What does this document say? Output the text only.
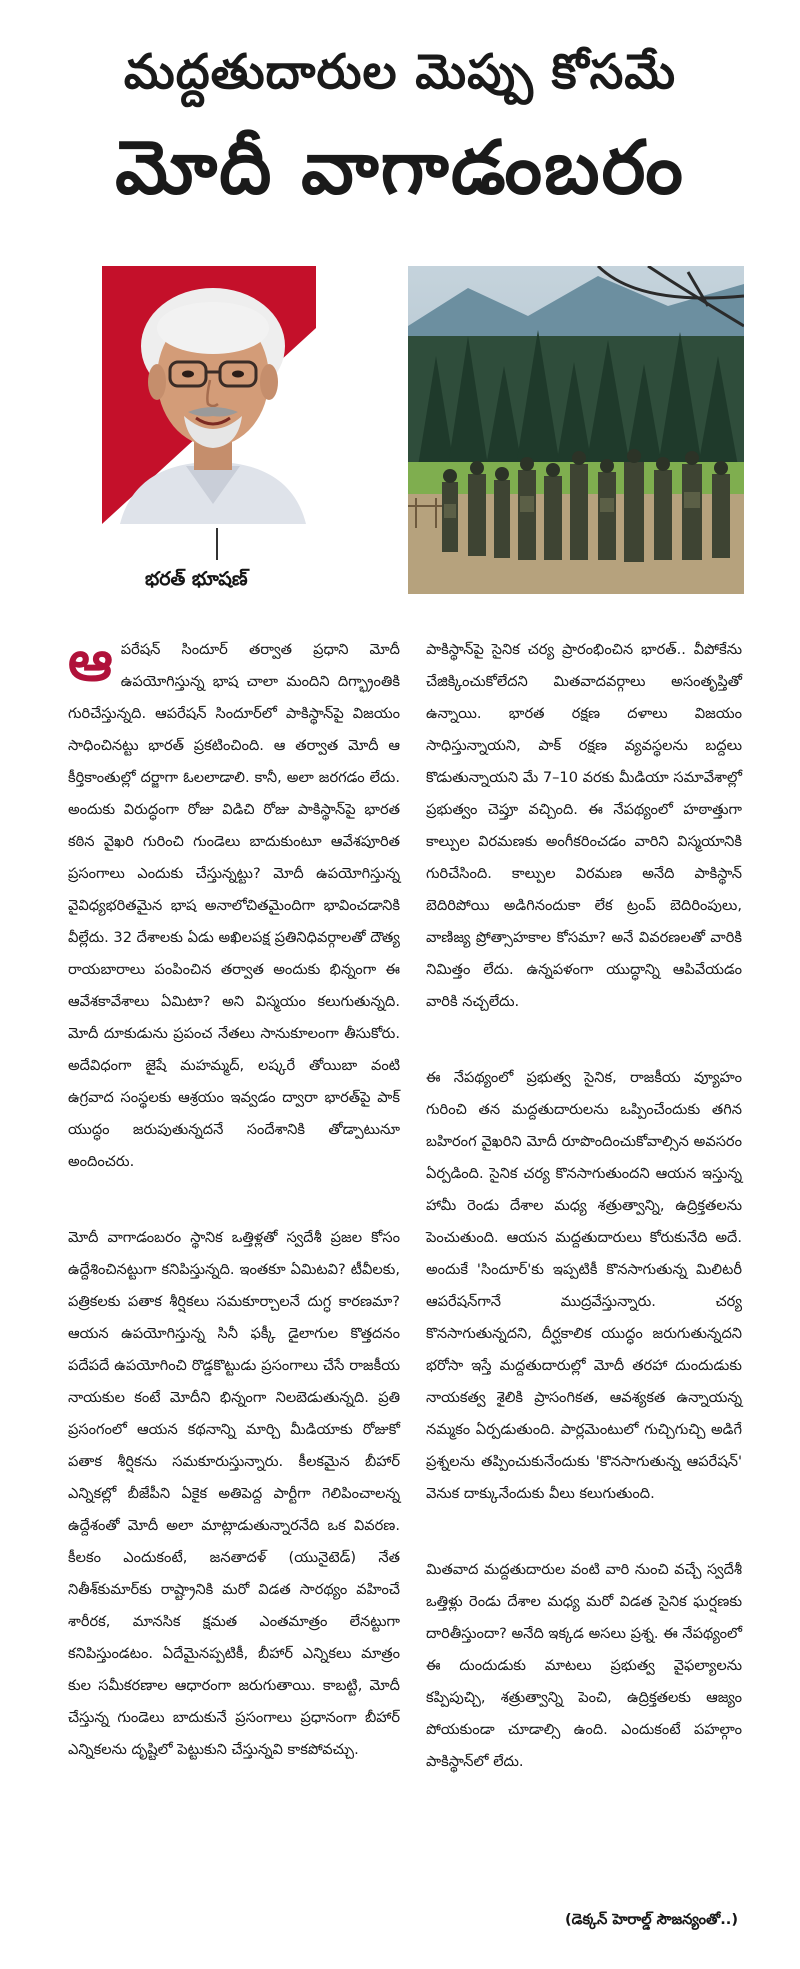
మద్దతుదారుల మెప్పు కోసమే
మోదీ వాగాడంబరం
భరత్ భూషణ్

ఆపరేషన్ సిందూర్ తర్వాత ప్రధాని మోదీ ఉపయోగిస్తున్న భాష చాలా మందిని దిగ్భ్రాంతికి గురిచేస్తున్నది. ఆపరేషన్ సిందూర్‌లో పాకిస్థాన్‌పై విజయం సాధించినట్టు భారత్ ప్రకటించింది. ఆ తర్వాత మోదీ ఆ కీర్తికాంతుల్లో దర్జాగా ఓలలాడాలి. కానీ, అలా జరగడం లేదు. అందుకు విరుద్ధంగా రోజు విడిచి రోజు పాకిస్థాన్‌పై భారత కఠిన వైఖరి గురించి గుండెలు బాదుకుంటూ ఆవేశపూరిత ప్రసంగాలు ఎందుకు చేస్తున్నట్టు? మోదీ ఉపయోగిస్తున్న వైవిధ్యభరితమైన భాష అనాలోచితమైందిగా భావించడానికి వీల్లేదు. 32 దేశాలకు ఏడు అఖిలపక్ష ప్రతినిధివర్గాలతో దౌత్య రాయబారాలు పంపించిన తర్వాత అందుకు భిన్నంగా ఈ ఆవేశకావేశాలు ఏమిటా? అని విస్మయం కలుగుతున్నది. మోదీ దూకుడును ప్రపంచ నేతలు సానుకూలంగా తీసుకోరు. అదేవిధంగా జైషే మహమ్మద్, లష్కరే తోయిబా వంటి ఉగ్రవాద సంస్థలకు ఆశ్రయం ఇవ్వడం ద్వారా భారత్‌పై పాక్ యుద్ధం జరుపుతున్నదనే సందేశానికి తోడ్పాటునూ అందించరు.

మోదీ వాగాడంబరం స్థానిక ఒత్తిళ్లతో స్వదేశీ ప్రజల కోసం ఉద్దేశించినట్టుగా కనిపిస్తున్నది. ఇంతకూ ఏమిటవి? టీవీలకు, పత్రికలకు పతాక శీర్షికలు సమకూర్చాలనే దుగ్ధ కారణమా? ఆయన ఉపయోగిస్తున్న సినీ ఫక్కీ డైలాగుల కొత్తదనం పదేపదే ఉపయోగించి రొడ్డకొట్టుడు ప్రసంగాలు చేసే రాజకీయ నాయకుల కంటే మోదీని భిన్నంగా నిలబెడుతున్నది. ప్రతి ప్రసంగంలో ఆయన కథనాన్ని మార్చి మీడియాకు రోజుకో పతాక శీర్షికను సమకూరుస్తున్నారు. కీలకమైన బీహార్ ఎన్నికల్లో బీజేపీని ఏకైక అతిపెద్ద పార్టీగా గెలిపించాలన్న ఉద్దేశంతో మోదీ అలా మాట్లాడుతున్నారనేది ఒక వివరణ. కీలకం ఎందుకంటే, జనతాదళ్ (యునైటెడ్) నేత నితీశ్‌కుమార్‌కు రాష్ట్రానికి మరో విడత సారథ్యం వహించే శారీరక, మానసిక క్షమత ఎంతమాత్రం లేనట్టుగా కనిపిస్తుండటం. ఏదేమైనప్పటికీ, బీహార్ ఎన్నికలు మాత్రం కుల సమీకరణాల ఆధారంగా జరుగుతాయి. కాబట్టి, మోదీ చేస్తున్న గుండెలు బాదుకునే ప్రసంగాలు ప్రధానంగా బీహార్ ఎన్నికలను దృష్టిలో పెట్టుకుని చేస్తున్నవి కాకపోవచ్చు.

పాకిస్థాన్‌పై సైనిక చర్య ప్రారంభించిన భారత్.. వీపోకేను చేజిక్కించుకోలేదని మితవాదవర్గాలు అసంతృప్తితో ఉన్నాయి. భారత రక్షణ దళాలు విజయం సాధిస్తున్నాయని, పాక్ రక్షణ వ్యవస్థలను బద్దలు కొడుతున్నాయని మే 7–10 వరకు మీడియా సమావేశాల్లో ప్రభుత్వం చెప్తూ వచ్చింది. ఈ నేపథ్యంలో హఠాత్తుగా కాల్పుల విరమణకు అంగీకరించడం వారిని విస్మయానికి గురిచేసింది. కాల్పుల విరమణ అనేది పాకిస్థాన్ బెదిరిపోయి అడిగినందుకా లేక ట్రంప్ బెదిరింపులు, వాణిజ్య ప్రోత్సాహకాల కోసమా? అనే వివరణలతో వారికి నిమిత్తం లేదు. ఉన్నపళంగా యుద్ధాన్ని ఆపివేయడం వారికి నచ్చలేదు.

ఈ నేపథ్యంలో ప్రభుత్వ సైనిక, రాజకీయ వ్యూహం గురించి తన మద్దతుదారులను ఒప్పించేందుకు తగిన బహిరంగ వైఖరిని మోదీ రూపొందించుకోవాల్సిన అవసరం ఏర్పడింది. సైనిక చర్య కొనసాగుతుందని ఆయన ఇస్తున్న హామీ రెండు దేశాల మధ్య శత్రుత్వాన్ని, ఉద్రిక్తతలను పెంచుతుంది. ఆయన మద్దతుదారులు కోరుకునేది అదే. అందుకే 'సిందూర్'కు ఇప్పటికీ కొనసాగుతున్న మిలిటరీ ఆపరేషన్‌గానే ముద్రవేస్తున్నారు. చర్య కొనసాగుతున్నదని, దీర్ఘకాలిక యుద్ధం జరుగుతున్నదని భరోసా ఇస్తే మద్దతుదారుల్లో మోదీ తరహా దుందుడుకు నాయకత్వ శైలికి ప్రాసంగికత, ఆవశ్యకత ఉన్నాయన్న నమ్మకం ఏర్పడుతుంది. పార్లమెంటులో గుచ్చిగుచ్చి అడిగే ప్రశ్నలను తప్పించుకునేందుకు 'కొనసాగుతున్న ఆపరేషన్' వెనుక దాక్కునేందుకు వీలు కలుగుతుంది.

మితవాద మద్దతుదారుల వంటి వారి నుంచి వచ్చే స్వదేశీ ఒత్తిళ్లు రెండు దేశాల మధ్య మరో విడత సైనిక ఘర్షణకు దారితీస్తుందా? అనేది ఇక్కడ అసలు ప్రశ్న. ఈ నేపథ్యంలో ఈ దుందుడుకు మాటలు ప్రభుత్వ వైఫల్యాలను కప్పిపుచ్చి, శత్రుత్వాన్ని పెంచి, ఉద్రిక్తతలకు ఆజ్యం పోయకుండా చూడాల్సి ఉంది. ఎందుకంటే పహల్గాం పాకిస్థాన్‌లో లేదు.

(డెక్కన్ హెరాల్డ్ సౌజన్యంతో..)
